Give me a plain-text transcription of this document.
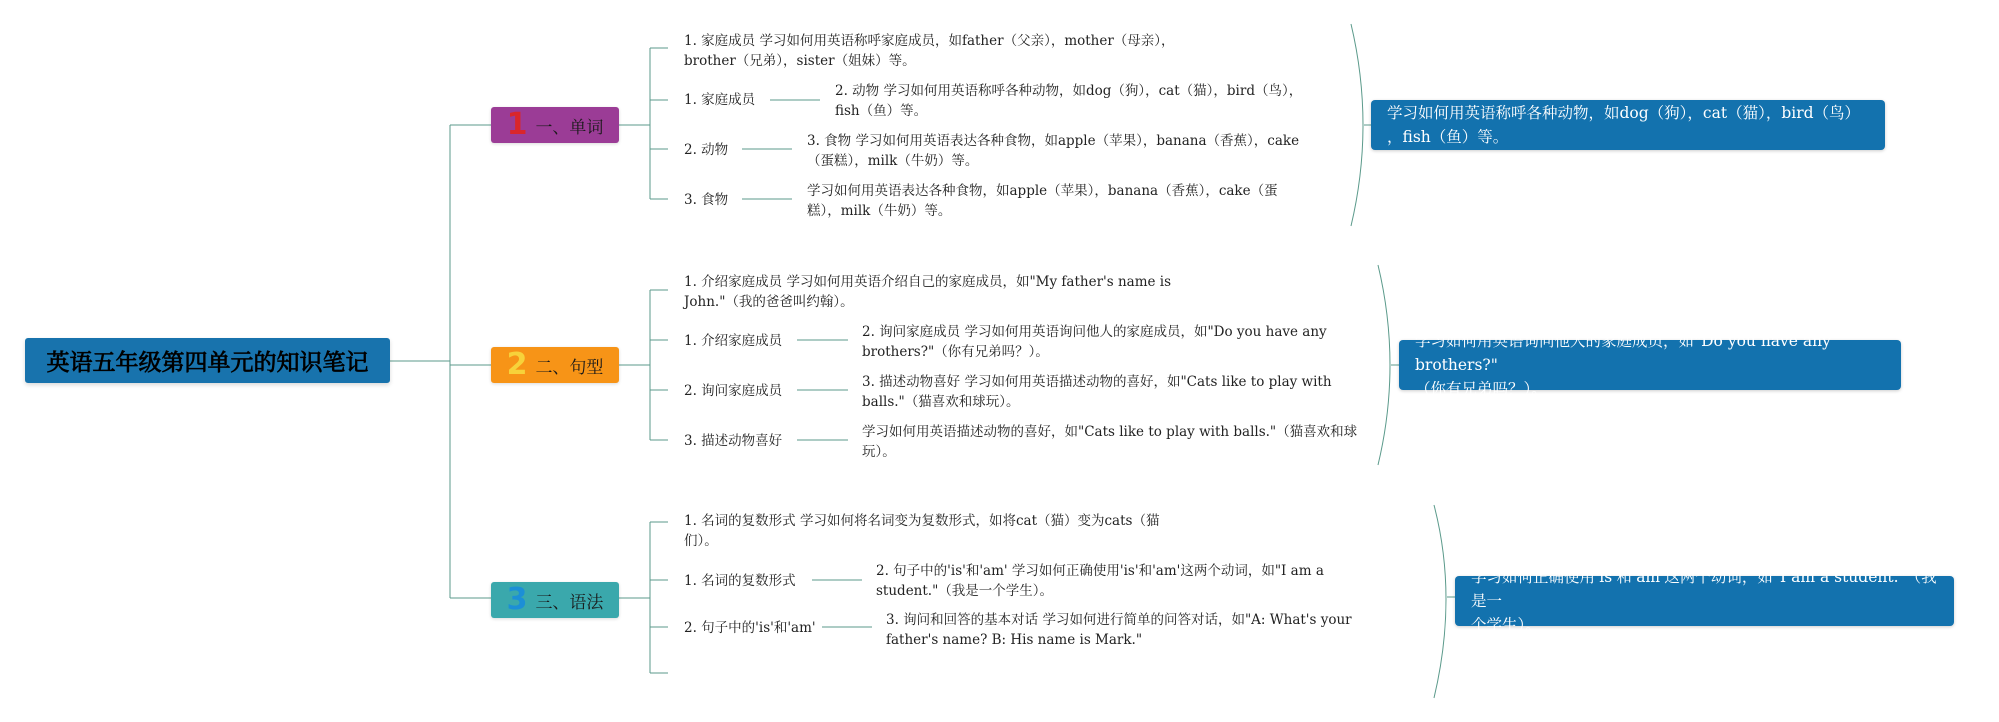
英语五年级第四单元的知识笔记
1 一、单词
1. 家庭成员 学习如何用英语称呼家庭成员，如father（父亲），mother（母亲），
brother（兄弟），sister（姐妹）等。
1. 家庭成员
2. 动物 学习如何用英语称呼各种动物，如dog（狗），cat（猫），bird（鸟），
fish（鱼）等。
2. 动物
3. 食物 学习如何用英语表达各种食物，如apple（苹果），banana（香蕉），cake
（蛋糕），milk（牛奶）等。
3. 食物
学习如何用英语表达各种食物，如apple（苹果），banana（香蕉），cake（蛋
糕），milk（牛奶）等。
学习如何用英语称呼各种动物，如dog（狗），cat（猫），bird（鸟）
，fish（鱼）等。
2 二、句型
1. 介绍家庭成员 学习如何用英语介绍自己的家庭成员，如"My father's name is
John."（我的爸爸叫约翰）。
1. 介绍家庭成员
2. 询问家庭成员 学习如何用英语询问他人的家庭成员，如"Do you have any
brothers?"（你有兄弟吗？）。
2. 询问家庭成员
3. 描述动物喜好 学习如何用英语描述动物的喜好，如"Cats like to play with
balls."（猫喜欢和球玩）。
3. 描述动物喜好
学习如何用英语描述动物的喜好，如"Cats like to play with balls."（猫喜欢和球
玩）。
学习如何用英语询问他人的家庭成员，如"Do you have any brothers?"
（你有兄弟吗？）。
3 三、语法
1. 名词的复数形式 学习如何将名词变为复数形式，如将cat（猫）变为cats（猫
们）。
1. 名词的复数形式
2. 句子中的'is'和'am' 学习如何正确使用'is'和'am'这两个动词，如"I am a
student."（我是一个学生）。
2. 句子中的'is'和'am'	3. 询问和回答的基本对话 学习如何进行简单的问答对话，如"A: What's your
father's name? B: His name is Mark."
学习如何正确使用'is'和'am'这两个动词，如"I am a student."（我是一
个学生）。
